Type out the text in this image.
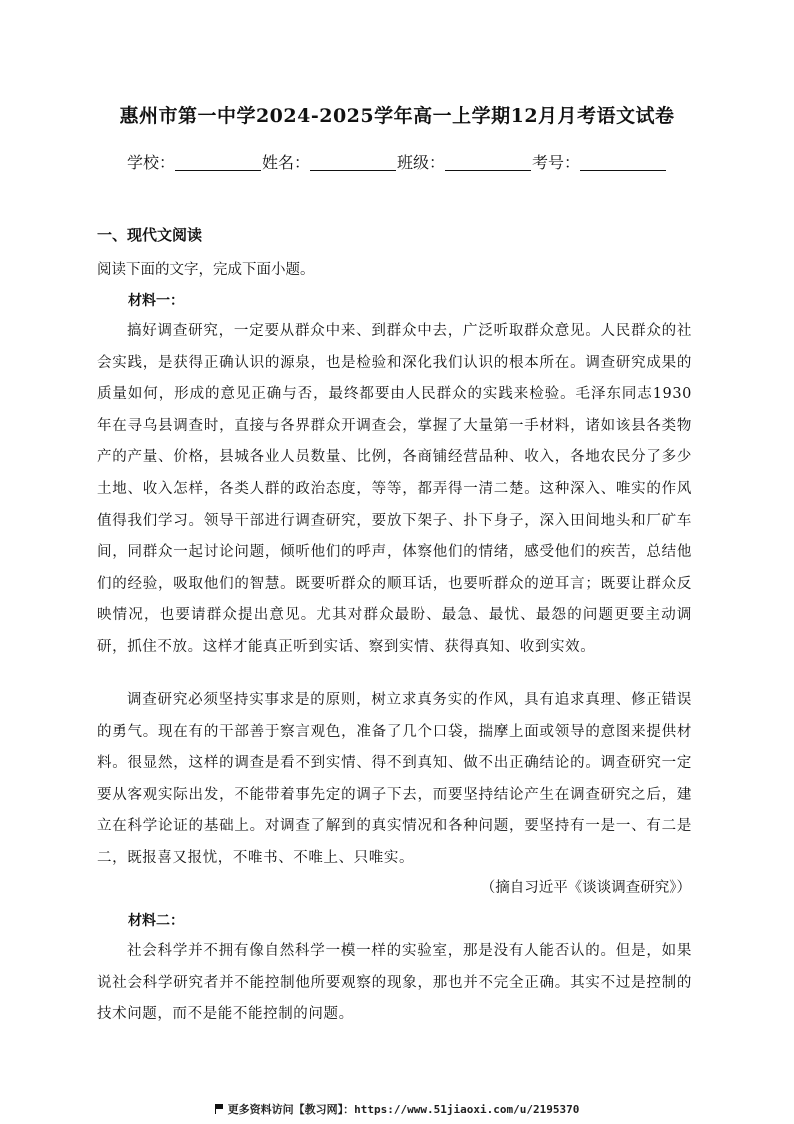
惠州市第一中学2024-2025学年高一上学期12月月考语文试卷
学校：	姓名：	班级：	考号：
一、现代文阅读
阅读下面的文字，完成下面小题。
材料一：

搞好调查研究，一定要从群众中来、到群众中去，广泛听取群众意见。人民群众的社会实践，是获得正确认识的源泉，也是检验和深化我们认识的根本所在。调查研究成果的质量如何，形成的意见正确与否，最终都要由人民群众的实践来检验。毛泽东同志1930年在寻乌县调查时，直接与各界群众开调查会，掌握了大量第一手材料，诸如该县各类物产的产量、价格，县城各业人员数量、比例，各商铺经营品种、收入，各地农民分了多少土地、收入怎样，各类人群的政治态度，等等，都弄得一清二楚。这种深入、唯实的作风值得我们学习。领导干部进行调查研究，要放下架子、扑下身子，深入田间地头和厂矿车间，同群众一起讨论问题，倾听他们的呼声，体察他们的情绪，感受他们的疾苦，总结他们的经验，吸取他们的智慧。既要听群众的顺耳话，也要听群众的逆耳言；既要让群众反映情况，也要请群众提出意见。尤其对群众最盼、最急、最忧、最怨的问题更要主动调研，抓住不放。这样才能真正听到实话、察到实情、获得真知、收到实效。

调查研究必须坚持实事求是的原则，树立求真务实的作风，具有追求真理、修正错误的勇气。现在有的干部善于察言观色，准备了几个口袋，揣摩上面或领导的意图来提供材料。很显然，这样的调查是看不到实情、得不到真知、做不出正确结论的。调查研究一定要从客观实际出发，不能带着事先定的调子下去，而要坚持结论产生在调查研究之后，建立在科学论证的基础上。对调查了解到的真实情况和各种问题，要坚持有一是一、有二是二，既报喜又报忧，不唯书、不唯上、只唯实。

（摘自习近平《谈谈调查研究》）
材料二：

社会科学并不拥有像自然科学一模一样的实验室，那是没有人能否认的。但是，如果说社会科学研究者并不能控制他所要观察的现象，那也并不完全正确。其实不过是控制的技术问题，而不是能不能控制的问题。

更多资料访问【教习网】：https://www.51jiaoxi.com/u/2195370
